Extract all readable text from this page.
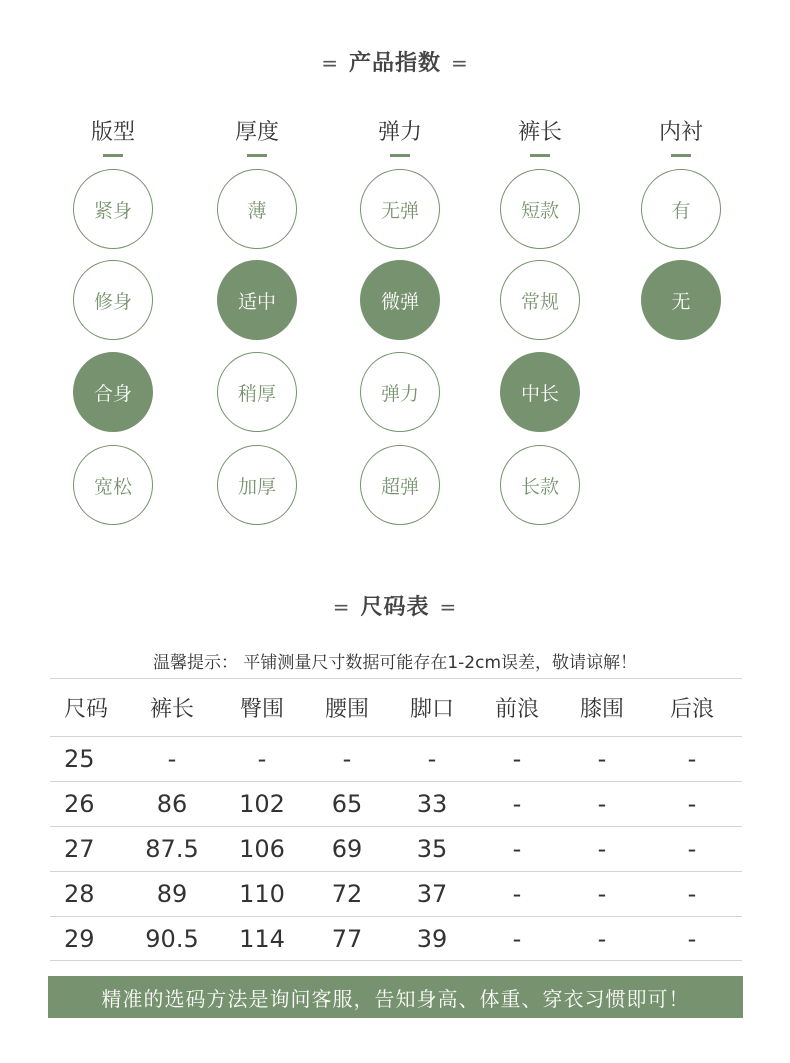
= 产品指数 =
版型
紧身
修身
合身
宽松
厚度
薄
适中
稍厚
加厚
弹力
无弹
微弹
弹力
超弹
裤长
短款
常规
中长
长款
内衬
有
无
= 尺码表 =
温馨提示： 平铺测量尺寸数据可能存在1-2cm误差，敬请谅解！
尺码	裤长	臀围	腰围	脚口	前浪	膝围	后浪
25	-	-	-	-	-	-	-
26	86	102	65	33	-	-	-
27	87.5	106	69	35	-	-	-
28	89	110	72	37	-	-	-
29	90.5	114	77	39	-	-	-
精准的选码方法是询问客服，告知身高、体重、穿衣习惯即可！
